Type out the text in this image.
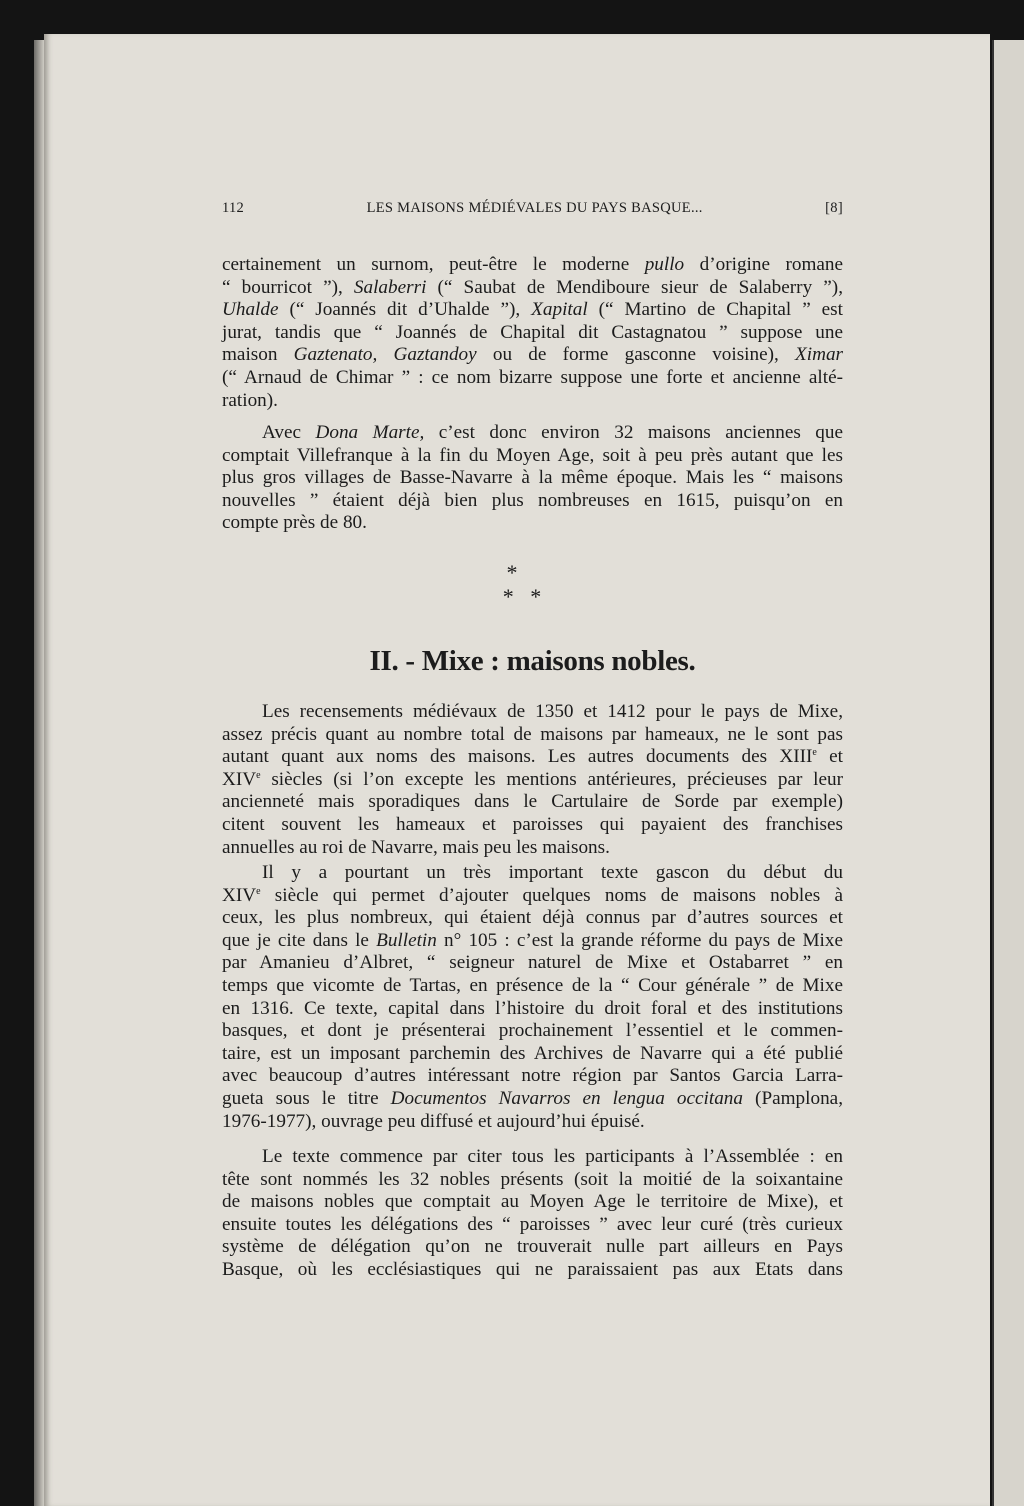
112	LES MAISONS MÉDIÉVALES DU PAYS BASQUE...	[8]
certainement un surnom, peut-être le moderne pullo d’origine romane
“ bourricot ”), Salaberri (“ Saubat de Mendiboure sieur de Salaberry ”),
Uhalde (“ Joannés dit d’Uhalde ”), Xapital (“ Martino de Chapital ” est
jurat, tandis que “ Joannés de Chapital dit Castagnatou ” suppose une
maison Gaztenato, Gaztandoy ou de forme gasconne voisine), Ximar
(“ Arnaud de Chimar ” : ce nom bizarre suppose une forte et ancienne alté-
ration).
Avec Dona Marte, c’est donc environ 32 maisons anciennes que
comptait Villefranque à la fin du Moyen Age, soit à peu près autant que les
plus gros villages de Basse-Navarre à la même époque. Mais les “ maisons
nouvelles ” étaient déjà bien plus nombreuses en 1615, puisqu’on en
compte près de 80.
*
*   *
II. - Mixe : maisons nobles.
Les recensements médiévaux de 1350 et 1412 pour le pays de Mixe,
assez précis quant au nombre total de maisons par hameaux, ne le sont pas
autant quant aux noms des maisons. Les autres documents des XIIIe et
XIVe siècles (si l’on excepte les mentions antérieures, précieuses par leur
ancienneté mais sporadiques dans le Cartulaire de Sorde par exemple)
citent souvent les hameaux et paroisses qui payaient des franchises
annuelles au roi de Navarre, mais peu les maisons.
Il y a pourtant un très important texte gascon du début du
XIVe siècle qui permet d’ajouter quelques noms de maisons nobles à
ceux, les plus nombreux, qui étaient déjà connus par d’autres sources et
que je cite dans le Bulletin n° 105 : c’est la grande réforme du pays de Mixe
par Amanieu d’Albret, “ seigneur naturel de Mixe et Ostabarret ” en
temps que vicomte de Tartas, en présence de la “ Cour générale ” de Mixe
en 1316. Ce texte, capital dans l’histoire du droit foral et des institutions
basques, et dont je présenterai prochainement l’essentiel et le commen-
taire, est un imposant parchemin des Archives de Navarre qui a été publié
avec beaucoup d’autres intéressant notre région par Santos Garcia Larra-
gueta sous le titre Documentos Navarros en lengua occitana (Pamplona,
1976-1977), ouvrage peu diffusé et aujourd’hui épuisé.
Le texte commence par citer tous les participants à l’Assemblée : en
tête sont nommés les 32 nobles présents (soit la moitié de la soixantaine
de maisons nobles que comptait au Moyen Age le territoire de Mixe), et
ensuite toutes les délégations des “ paroisses ” avec leur curé (très curieux
système de délégation qu’on ne trouverait nulle part ailleurs en Pays
Basque, où les ecclésiastiques qui ne paraissaient pas aux Etats dans
